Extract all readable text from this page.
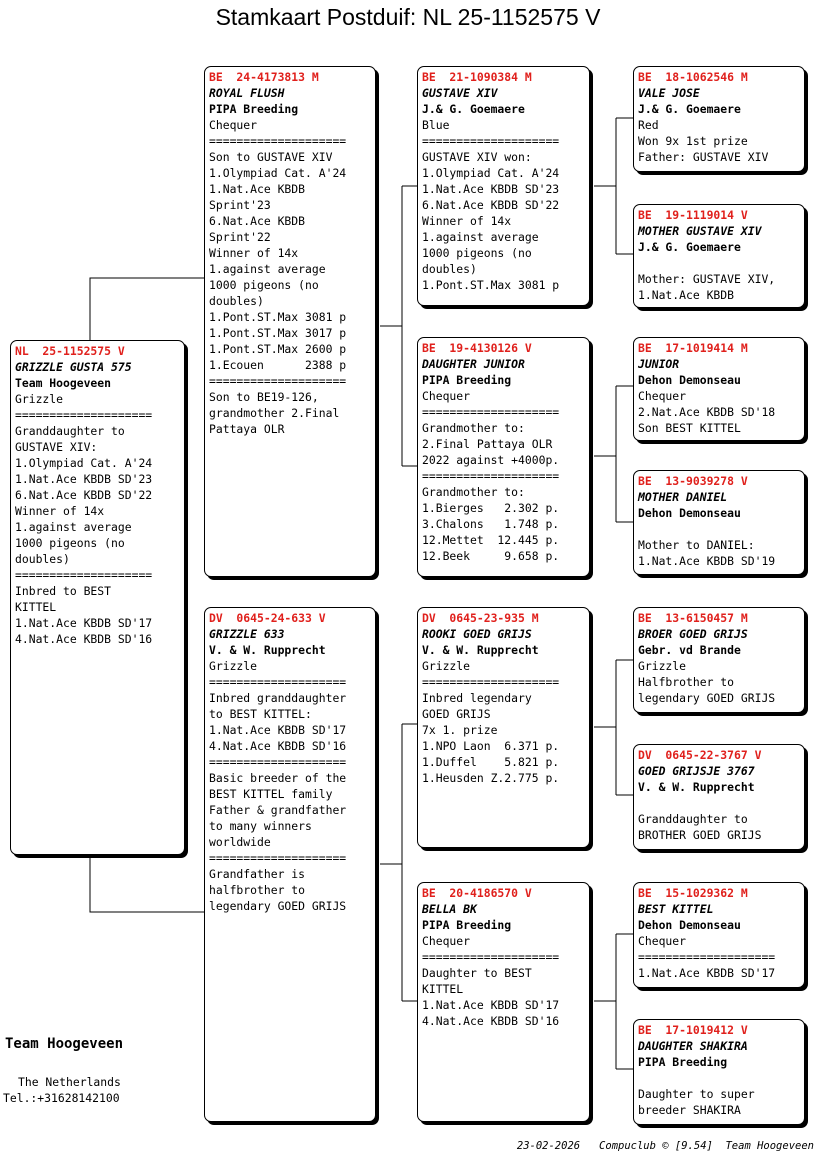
Stamkaart Postduif: NL 25-1152575 V
NL  25-1152575 V
GRIZZLE GUSTA 575
Team Hoogeveen
Grizzle
====================
Granddaughter to
GUSTAVE XIV:
1.Olympiad Cat. A'24
1.Nat.Ace KBDB SD'23
6.Nat.Ace KBDB SD'22
Winner of 14x
1.against average
1000 pigeons (no
doubles)
====================
Inbred to BEST
KITTEL
1.Nat.Ace KBDB SD'17
4.Nat.Ace KBDB SD'16
BE  24-4173813 M
ROYAL FLUSH
PIPA Breeding
Chequer
====================
Son to GUSTAVE XIV
1.Olympiad Cat. A'24
1.Nat.Ace KBDB
Sprint'23
6.Nat.Ace KBDB
Sprint'22
Winner of 14x
1.against average
1000 pigeons (no
doubles)
1.Pont.ST.Max 3081 p
1.Pont.ST.Max 3017 p
1.Pont.ST.Max 2600 p
1.Ecouen      2388 p
====================
Son to BE19-126,
grandmother 2.Final
Pattaya OLR
DV  0645-24-633 V
GRIZZLE 633
V. & W. Rupprecht
Grizzle
====================
Inbred granddaughter
to BEST KITTEL:
1.Nat.Ace KBDB SD'17
4.Nat.Ace KBDB SD'16
====================
Basic breeder of the
BEST KITTEL family
Father & grandfather
to many winners
worldwide
====================
Grandfather is
halfbrother to
legendary GOED GRIJS
BE  21-1090384 M
GUSTAVE XIV
J.& G. Goemaere
Blue
====================
GUSTAVE XIV won:
1.Olympiad Cat. A'24
1.Nat.Ace KBDB SD'23
6.Nat.Ace KBDB SD'22
Winner of 14x
1.against average
1000 pigeons (no
doubles)
1.Pont.ST.Max 3081 p
BE  19-4130126 V
DAUGHTER JUNIOR
PIPA Breeding
Chequer
====================
Grandmother to:
2.Final Pattaya OLR
2022 against +4000p.
====================
Grandmother to:
1.Bierges   2.302 p.
3.Chalons   1.748 p.
12.Mettet  12.445 p.
12.Beek     9.658 p.
DV  0645-23-935 M
ROOKI GOED GRIJS
V. & W. Rupprecht
Grizzle
====================
Inbred legendary
GOED GRIJS
7x 1. prize
1.NPO Laon  6.371 p.
1.Duffel    5.821 p.
1.Heusden Z.2.775 p.
BE  20-4186570 V
BELLA BK
PIPA Breeding
Chequer
====================
Daughter to BEST
KITTEL
1.Nat.Ace KBDB SD'17
4.Nat.Ace KBDB SD'16
BE  18-1062546 M
VALE JOSE
J.& G. Goemaere
Red
Won 9x 1st prize
Father: GUSTAVE XIV
BE  19-1119014 V
MOTHER GUSTAVE XIV
J.& G. Goemaere
Mother: GUSTAVE XIV,
1.Nat.Ace KBDB
BE  17-1019414 M
JUNIOR
Dehon Demonseau
Chequer
2.Nat.Ace KBDB SD'18
Son BEST KITTEL
BE  13-9039278 V
MOTHER DANIEL
Dehon Demonseau
Mother to DANIEL:
1.Nat.Ace KBDB SD'19
BE  13-6150457 M
BROER GOED GRIJS
Gebr. vd Brande
Grizzle
Halfbrother to
legendary GOED GRIJS
DV  0645-22-3767 V
GOED GRIJSJE 3767
V. & W. Rupprecht
Granddaughter to
BROTHER GOED GRIJS
BE  15-1029362 M
BEST KITTEL
Dehon Demonseau
Chequer
====================
1.Nat.Ace KBDB SD'17
BE  17-1019412 V
DAUGHTER SHAKIRA
PIPA Breeding
Daughter to super
breeder SHAKIRA
Team Hoogeveen
The Netherlands
Tel.:+31628142100
23-02-2026   Compuclub © [9.54]  Team Hoogeveen
